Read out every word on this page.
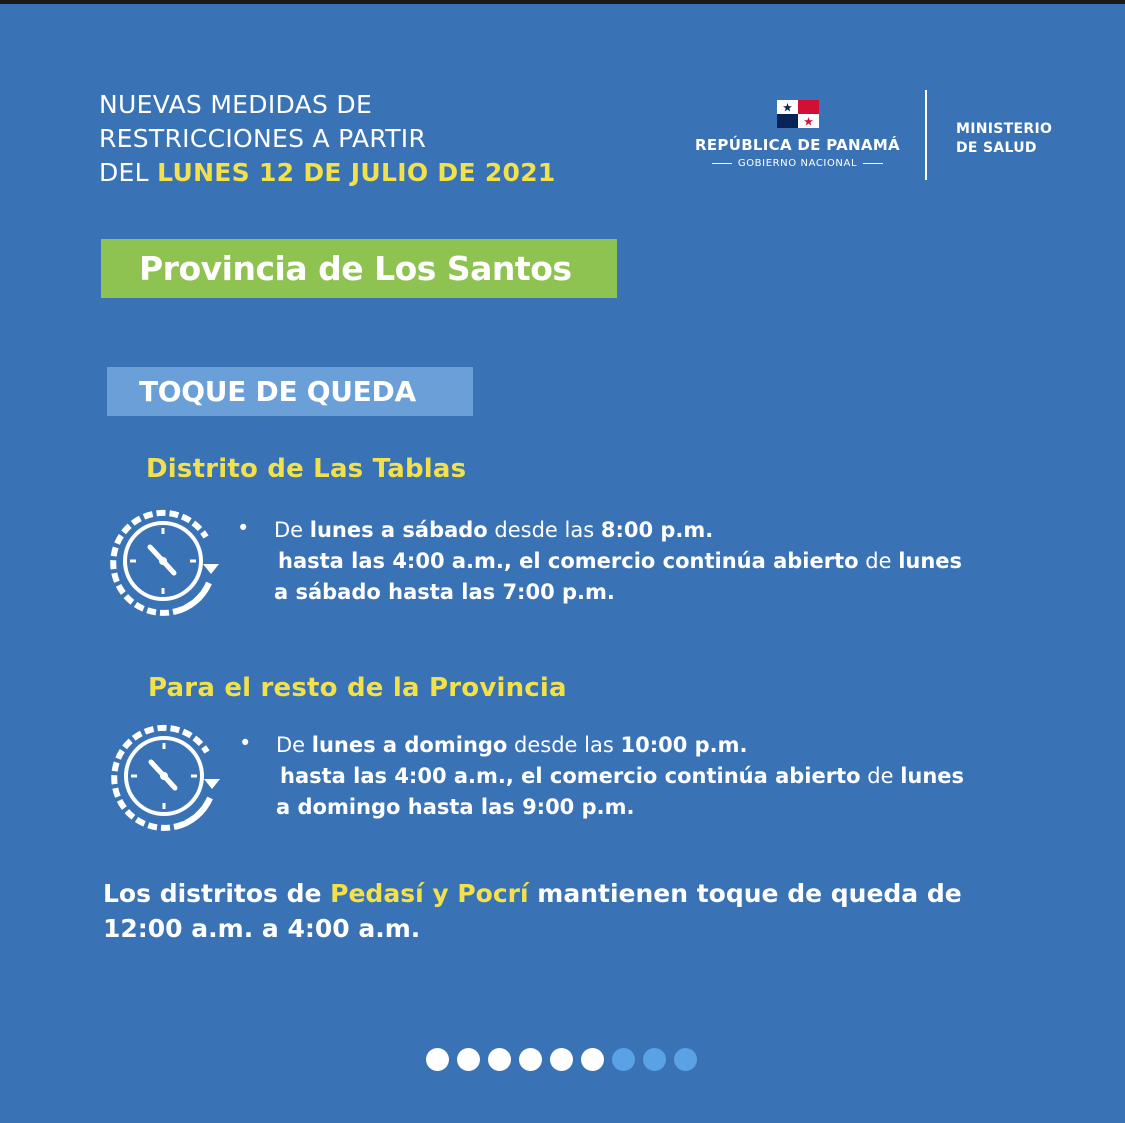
NUEVAS MEDIDAS DE
RESTRICCIONES A PARTIR
DEL LUNES 12 DE JULIO DE 2021
REPÚBLICA DE PANAMÁ
GOBIERNO NACIONAL
MINISTERIO
DE SALUD
Provincia de Los Santos
TOQUE DE QUEDA
Distrito de Las Tablas
• De lunes a sábado desde las 8:00 p.m.
hasta las 4:00 a.m., el comercio continúa abierto de lunes
a sábado hasta las 7:00 p.m.
Para el resto de la Provincia
• De lunes a domingo desde las 10:00 p.m.
hasta las 4:00 a.m., el comercio continúa abierto de lunes
a domingo hasta las 9:00 p.m.
Los distritos de Pedasí y Pocrí mantienen toque de queda de
12:00 a.m. a 4:00 a.m.
